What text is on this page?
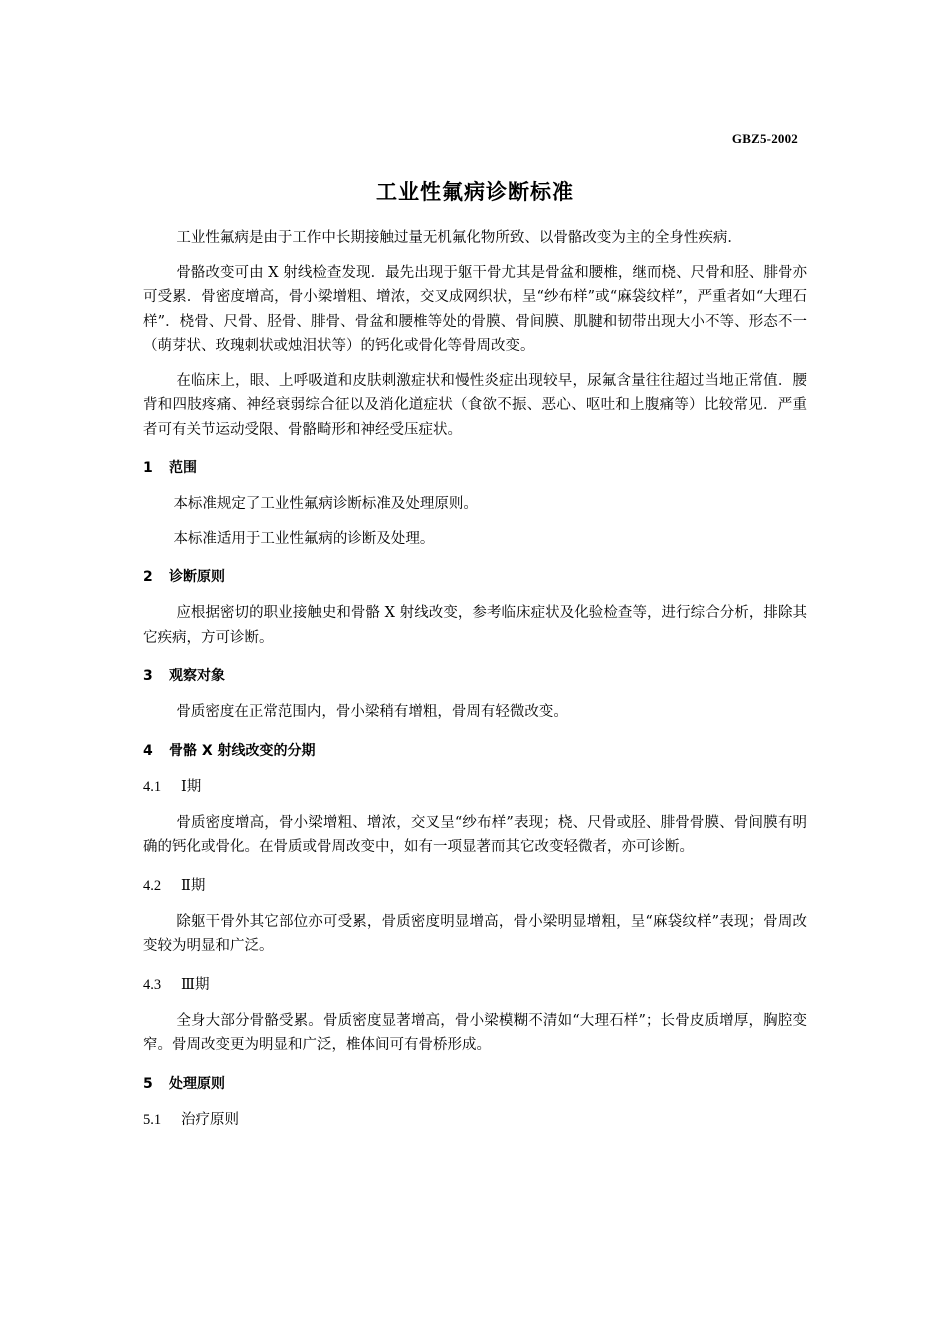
GBZ5-2002
工业性氟病诊断标准

工业性氟病是由于工作中长期接触过量无机氟化物所致、以骨骼改变为主的全身性疾病．

骨骼改变可由 X 射线检查发现．最先出现于躯干骨尤其是骨盆和腰椎，继而桡、尺骨和胫、腓骨亦可受累．骨密度增高，骨小梁增粗、增浓，交叉成网织状，呈“纱布样”或“麻袋纹样”，严重者如“大理石样”．桡骨、尺骨、胫骨、腓骨、骨盆和腰椎等处的骨膜、骨间膜、肌腱和韧带出现大小不等、形态不一（萌芽状、玫瑰刺状或烛泪状等）的钙化或骨化等骨周改变。

在临床上，眼、上呼吸道和皮肤刺激症状和慢性炎症出现较早，尿氟含量往往超过当地正常值．腰背和四肢疼痛、神经衰弱综合征以及消化道症状（食欲不振、恶心、呕吐和上腹痛等）比较常见．严重者可有关节运动受限、骨骼畸形和神经受压症状。

1 范围

本标准规定了工业性氟病诊断标准及处理原则。

本标准适用于工业性氟病的诊断及处理。

2 诊断原则

应根据密切的职业接触史和骨骼 X 射线改变，参考临床症状及化验检查等，进行综合分析，排除其它疾病，方可诊断。

3 观察对象

骨质密度在正常范围内，骨小梁稍有增粗，骨周有轻微改变。

4 骨骼 X 射线改变的分期
4.1 Ⅰ期

骨质密度增高，骨小梁增粗、增浓，交叉呈“纱布样”表现；桡、尺骨或胫、腓骨骨膜、骨间膜有明确的钙化或骨化。在骨质或骨周改变中，如有一项显著而其它改变轻微者，亦可诊断。

4.2 Ⅱ期

除躯干骨外其它部位亦可受累，骨质密度明显增高，骨小梁明显增粗，呈“麻袋纹样”表现；骨周改变较为明显和广泛。

4.3 Ⅲ期

全身大部分骨骼受累。骨质密度显著增高，骨小梁模糊不清如“大理石样”；长骨皮质增厚，胸腔变窄。骨周改变更为明显和广泛，椎体间可有骨桥形成。

5 处理原则
5.1 治疗原则
